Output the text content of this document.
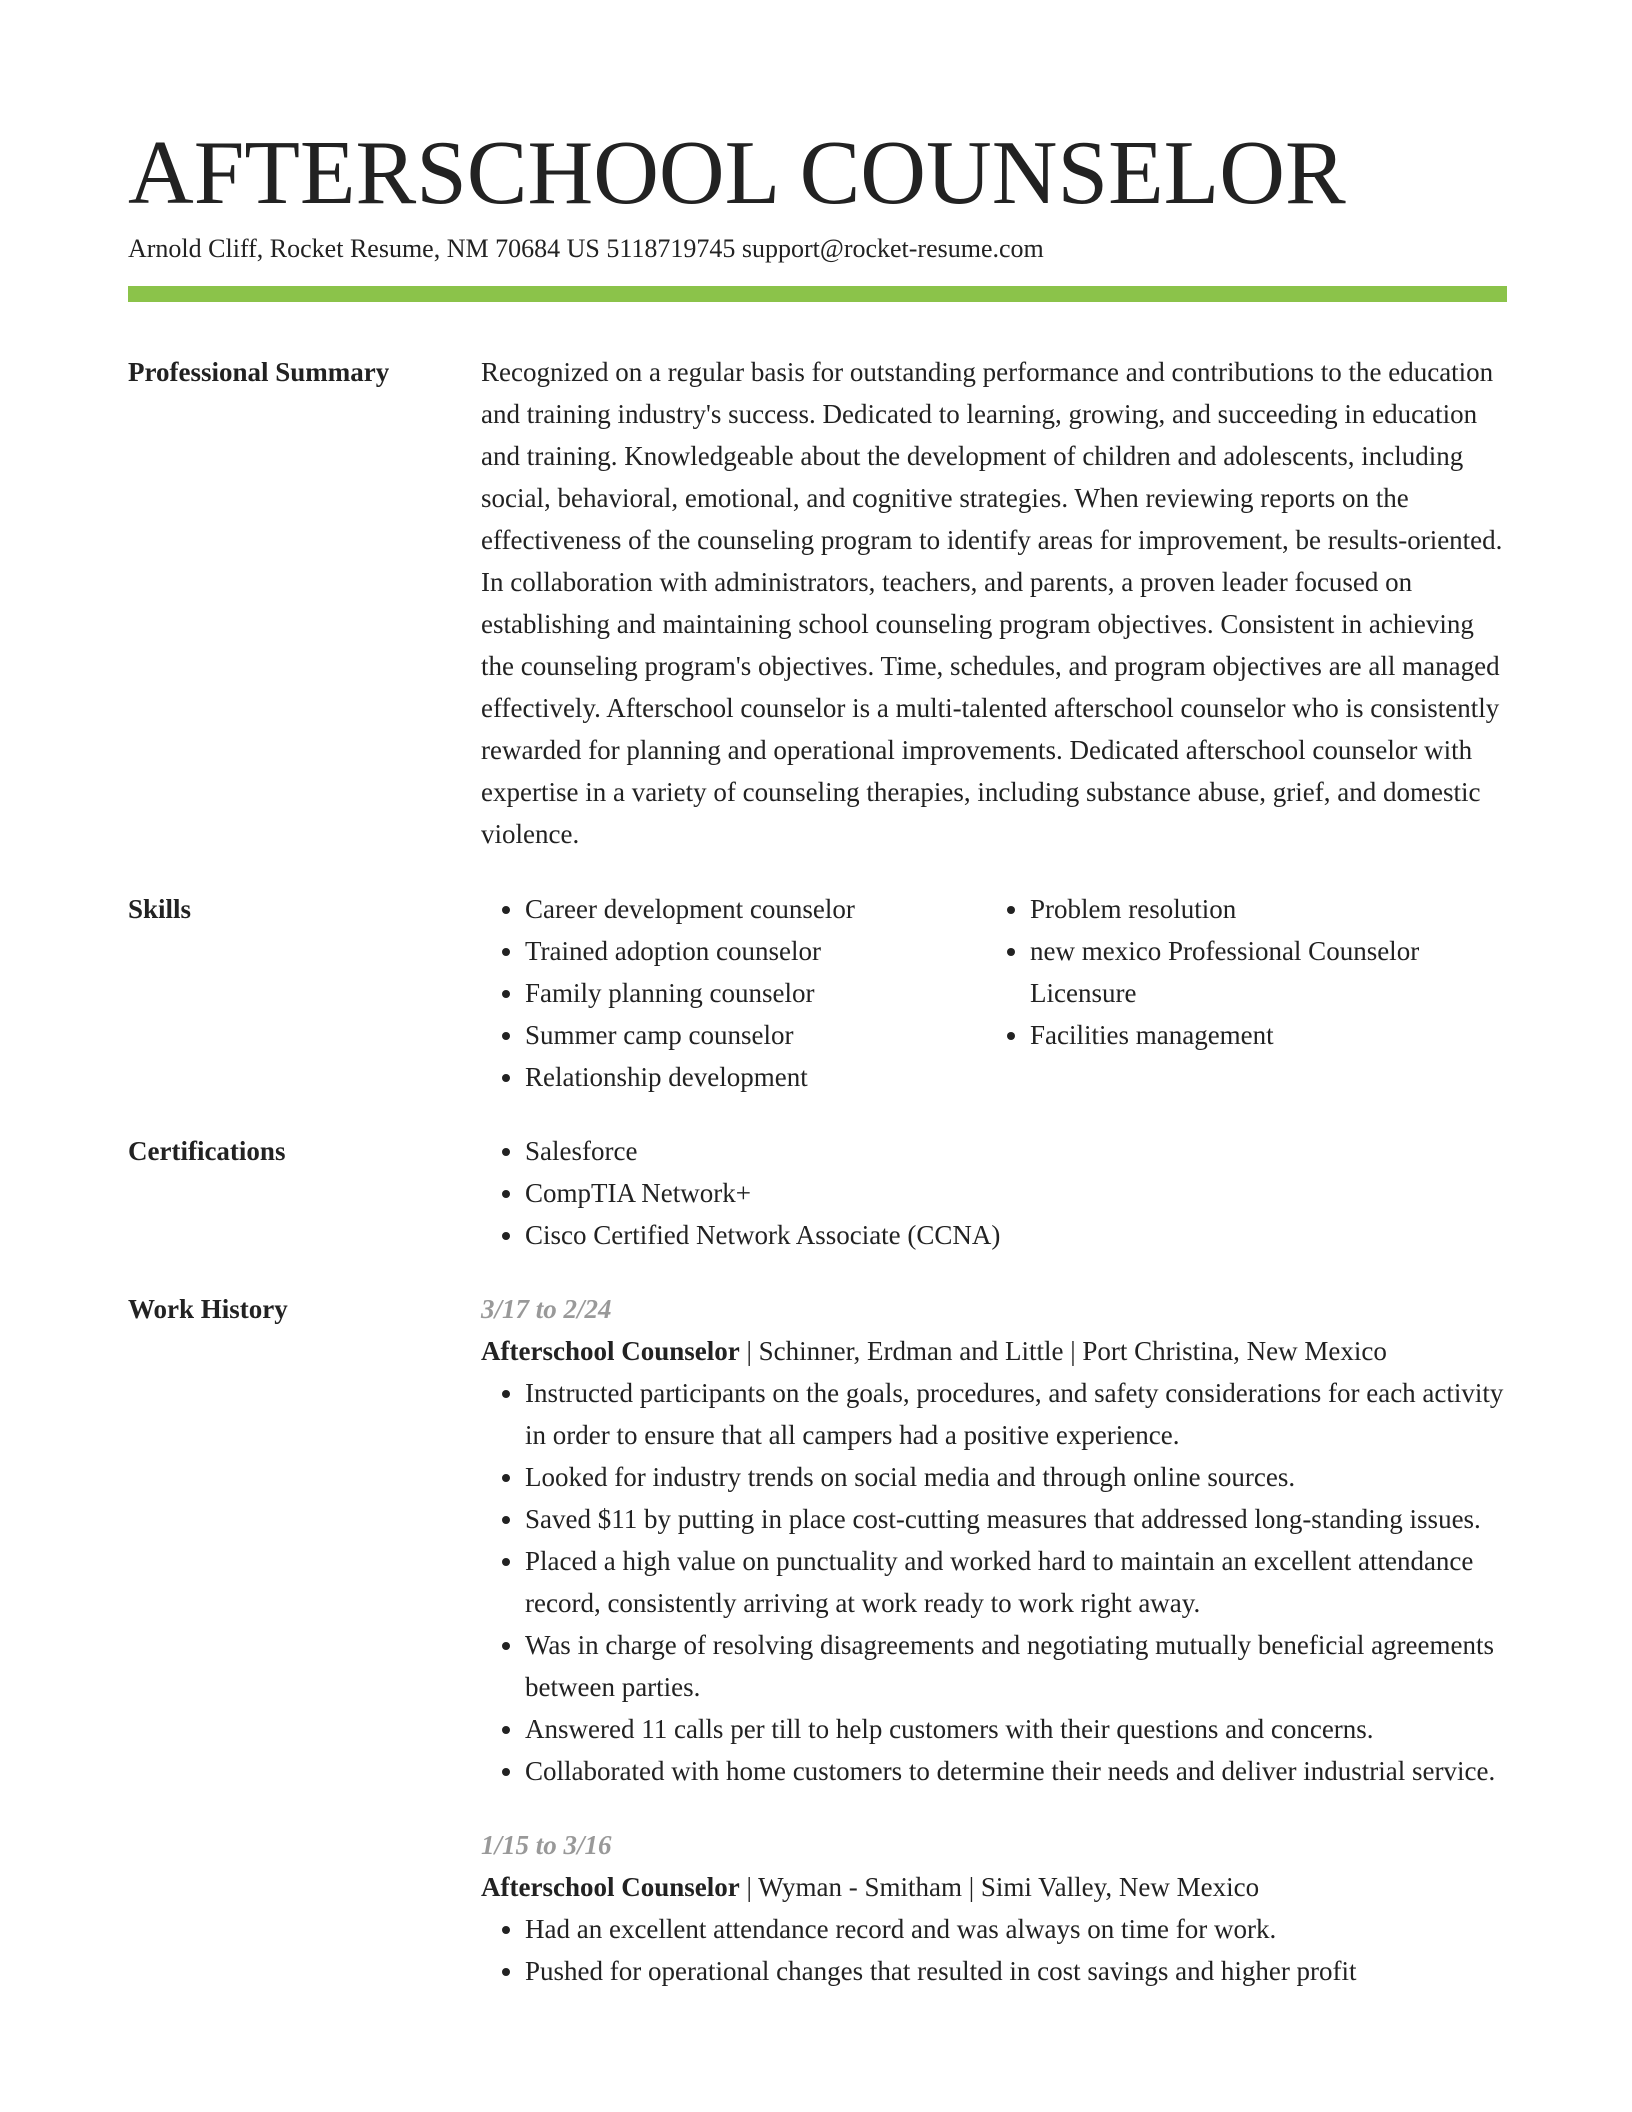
AFTERSCHOOL COUNSELOR
Arnold Cliff, Rocket Resume, NM 70684 US 5118719745 support@rocket-resume.com
Professional Summary	Recognized on a regular basis for outstanding performance and contributions to the education and training industry's success. Dedicated to learning, growing, and succeeding in education and training. Knowledgeable about the development of children and adolescents, including social, behavioral, emotional, and cognitive strategies. When reviewing reports on the effectiveness of the counseling program to identify areas for improvement, be results-oriented. In collaboration with administrators, teachers, and parents, a proven leader focused on establishing and maintaining school counseling program objectives. Consistent in achieving the counseling program's objectives. Time, schedules, and program objectives are all managed effectively. Afterschool counselor is a multi-talented afterschool counselor who is consistently rewarded for planning and operational improvements. Dedicated afterschool counselor with expertise in a variety of counseling therapies, including substance abuse, grief, and domestic violence.

Skills	• Career development counselor
• Trained adoption counselor
• Family planning counselor
• Summer camp counselor
• Relationship development
• Problem resolution
• new mexico Professional Counselor Licensure
• Facilities management
Certifications	• Salesforce
• CompTIA Network+
• Cisco Certified Network Associate (CCNA)
Work History	3/17 to 2/24
Afterschool Counselor | Schinner, Erdman and Little | Port Christina, New Mexico
• Instructed participants on the goals, procedures, and safety considerations for each activity in order to ensure that all campers had a positive experience.
• Looked for industry trends on social media and through online sources.
• Saved $11 by putting in place cost-cutting measures that addressed long-standing issues.
• Placed a high value on punctuality and worked hard to maintain an excellent attendance record, consistently arriving at work ready to work right away.
• Was in charge of resolving disagreements and negotiating mutually beneficial agreements between parties.
• Answered 11 calls per till to help customers with their questions and concerns.
• Collaborated with home customers to determine their needs and deliver industrial service.
1/15 to 3/16
Afterschool Counselor | Wyman - Smitham | Simi Valley, New Mexico
• Had an excellent attendance record and was always on time for work.
• Pushed for operational changes that resulted in cost savings and higher profit
